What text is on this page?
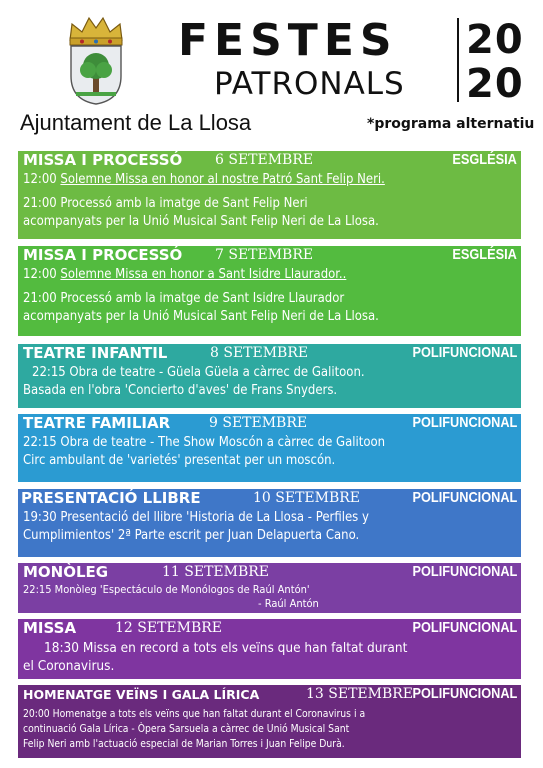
Ajuntament de La Llosa
FESTES
PATRONALS
20
20
*programa alternatiu
MISSA I PROCESSÓ 6 SETEMBRE	ESGLÉSIA
12:00 Solemne Missa en honor al nostre Patró Sant Felip Neri.
21:00 Processó amb la imatge de Sant Felip Neri
acompanyats per la Unió Musical Sant Felip Neri de La Llosa.
MISSA I PROCESSÓ 7 SETEMBRE	ESGLÉSIA
12:00 Solemne Missa en honor a Sant Isidre Llaurador..
21:00 Processó amb la imatge de Sant Isidre Llaurador
acompanyats per la Unió Musical Sant Felip Neri de La Llosa.
TEATRE INFANTIL	8 SETEMBRE	POLIFUNCIONAL
22:15 Obra de teatre - Güela Güela a càrrec de Galitoon.
Basada en l'obra 'Concierto d'aves' de Frans Snyders.
TEATRE FAMILIAR	9 SETEMBRE	POLIFUNCIONAL
22:15 Obra de teatre - The Show Moscón a càrrec de Galitoon
Circ ambulant de 'varietés' presentat per un moscón.
PRESENTACIÓ LLIBRE	10 SETEMBRE	POLIFUNCIONAL
19:30 Presentació del llibre 'Historia de La Llosa - Perfiles y
Cumplimientos' 2ª Parte escrit per Juan Delapuerta Cano.
MONÒLEG	11 SETEMBRE	POLIFUNCIONAL
22:15 Monòleg 'Espectáculo de Monólogos de Raúl Antón'
- Raúl Antón
MISSA	12 SETEMBRE	POLIFUNCIONAL
18:30 Missa en record a tots els veïns que han faltat durant
el Coronavirus.
HOMENATGE VEÏNS I GALA LÍRICA	13 SETEMBRE POLIFUNCIONAL
20:00 Homenatge a tots els veïns que han faltat durant el Coronavirus i a
continuació Gala Lírica - Òpera Sarsuela a càrrec de Unió Musical Sant
Felip Neri amb l'actuació especial de Marian Torres i Juan Felipe Durà.
